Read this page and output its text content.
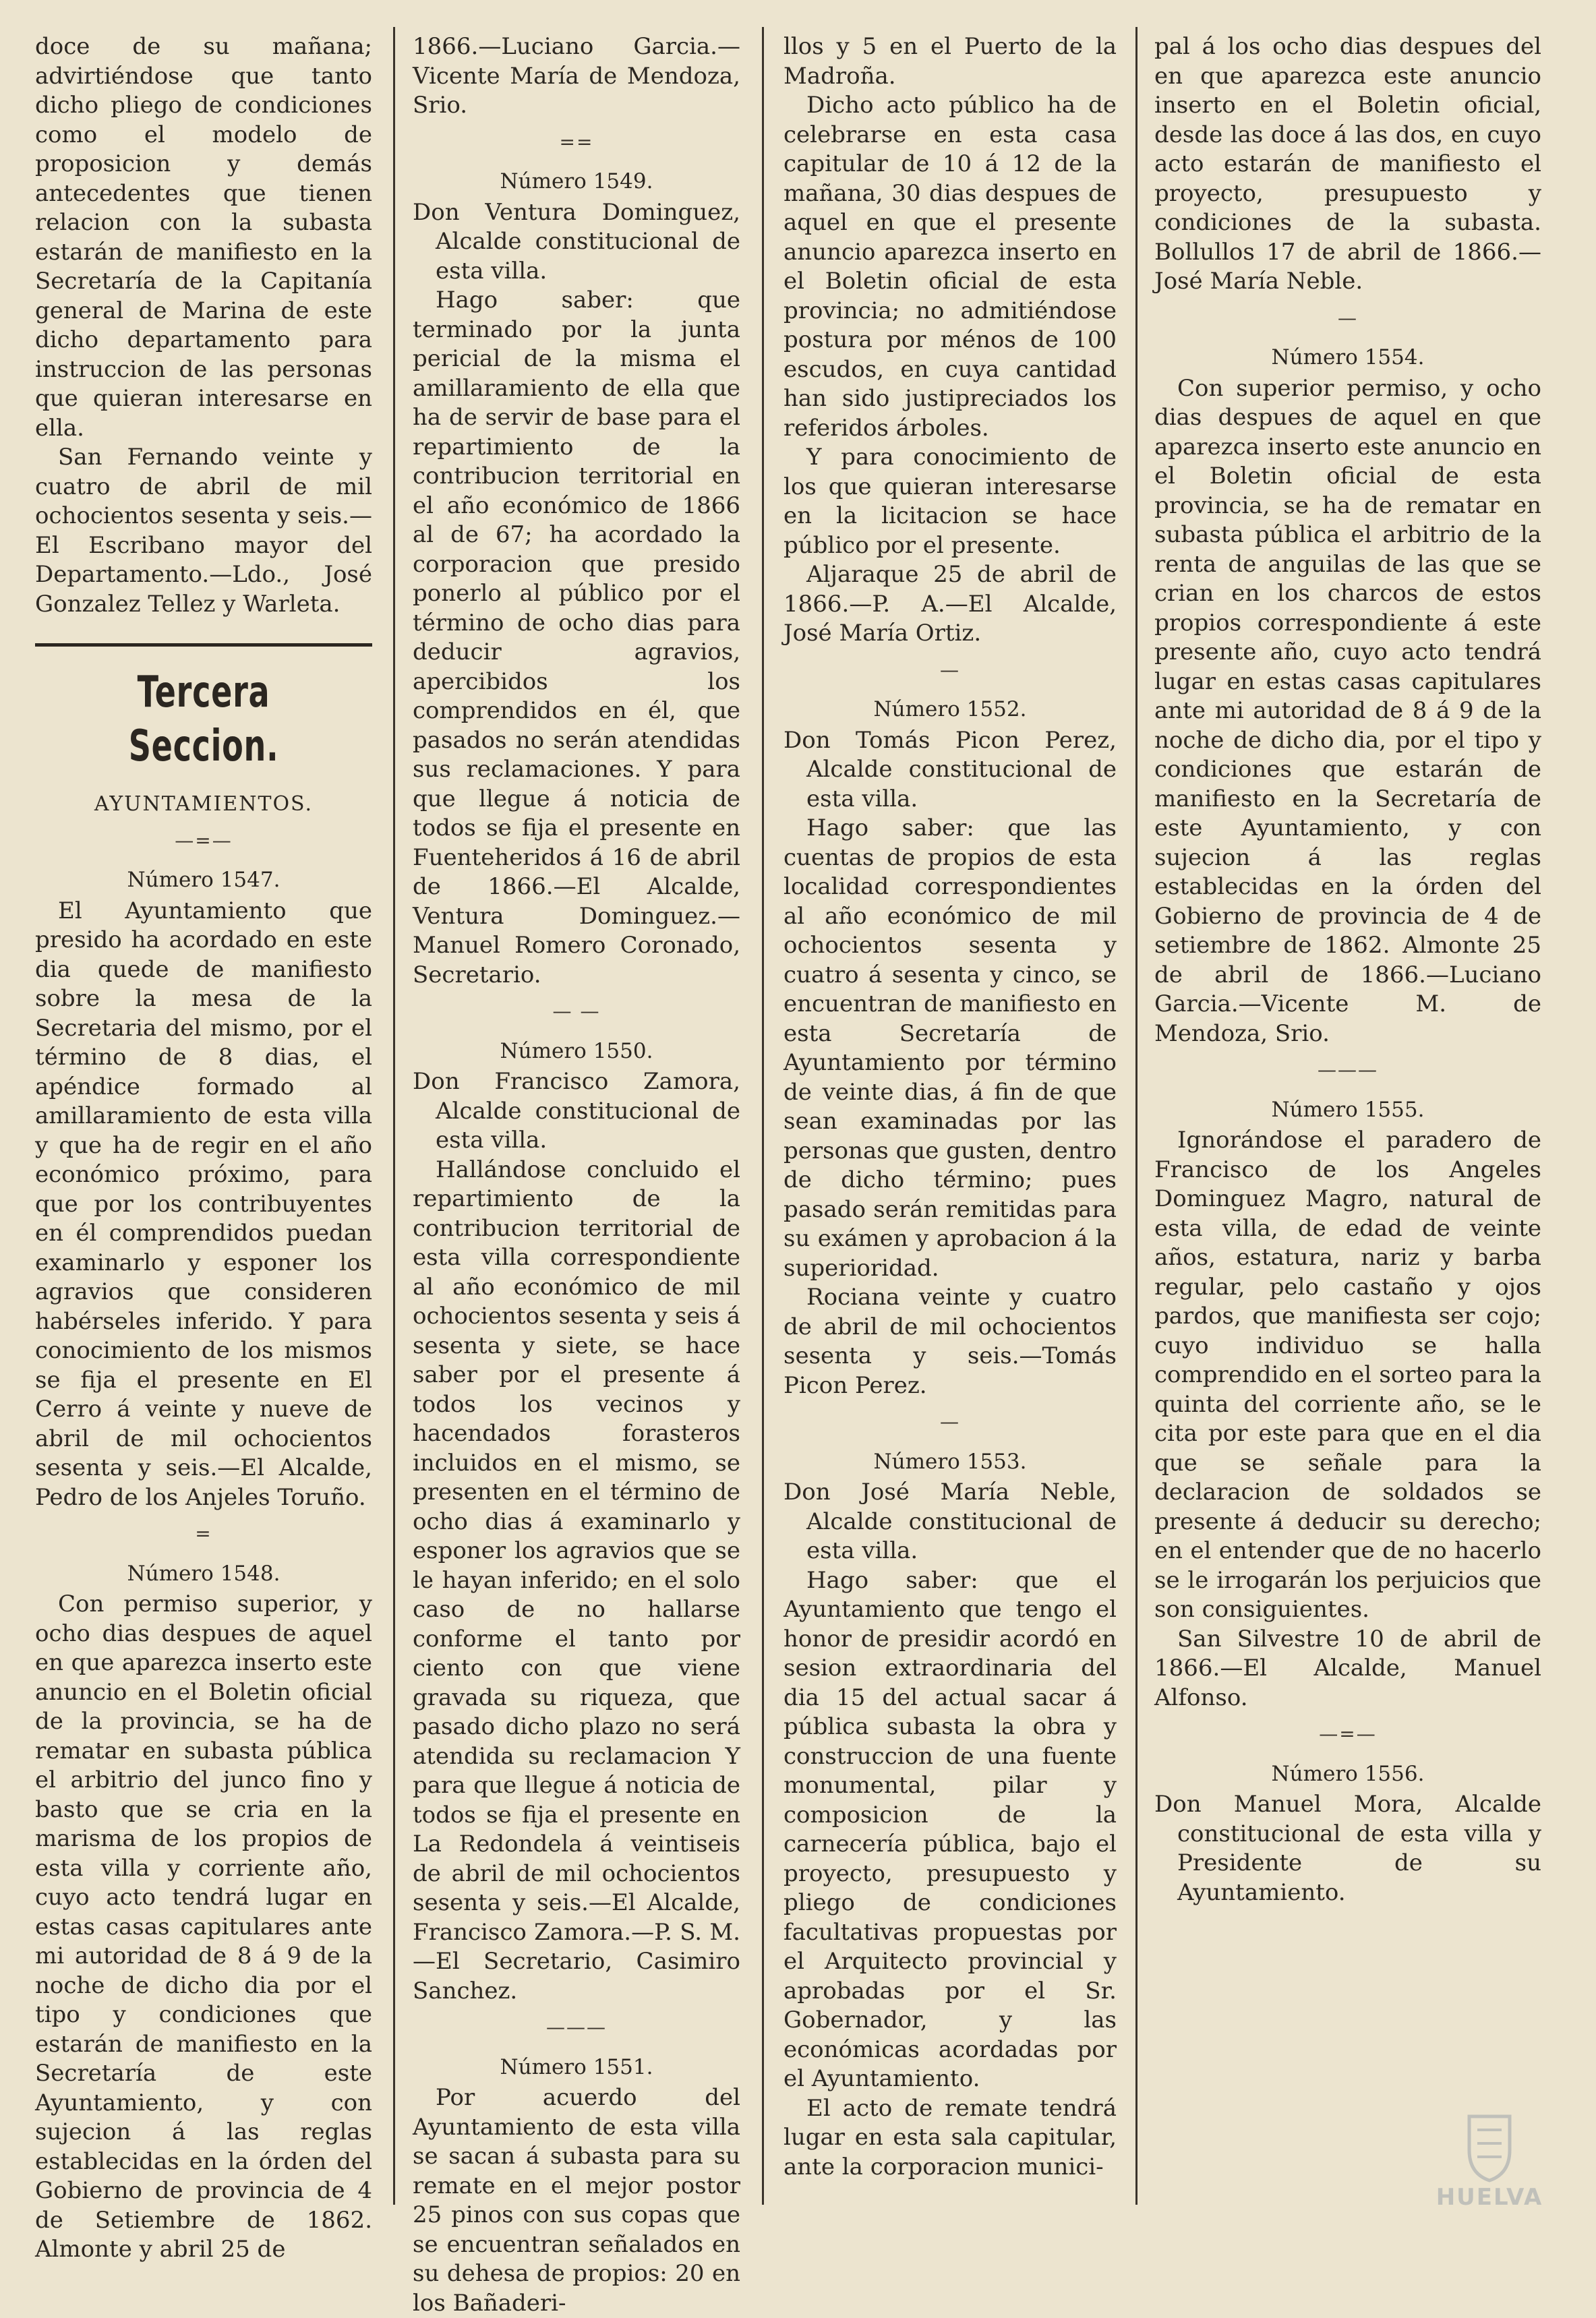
doce de su mañana; advirtiéndose que tanto dicho pliego de condiciones como el modelo de proposicion y demás antecedentes que tienen relacion con la subasta estarán de manifiesto en la Secretaría de la Capitanía general de Marina de este dicho departamento para instruccion de las personas que quieran interesarse en ella.

San Fernando veinte y cuatro de abril de mil ochocientos sesenta y seis.—El Escribano mayor del Departamento.—Ldo., José Gonzalez Tellez y Warleta.

Tercera Seccion.
AYUNTAMIENTOS.
—=—
Número 1547.

El Ayuntamiento que presido ha acordado en este dia quede de manifiesto sobre la mesa de la Secretaria del mismo, por el término de 8 dias, el apéndice formado al amillaramiento de esta villa y que ha de regir en el año económico próximo, para que por los contribuyentes en él comprendidos puedan examinarlo y esponer los agravios que consideren habérseles inferido. Y para conocimiento de los mismos se fija el presente en El Cerro á veinte y nueve de abril de mil ochocientos sesenta y seis.—El Alcalde, Pedro de los Anjeles Toruño.

=
Número 1548.

Con permiso superior, y ocho dias despues de aquel en que aparezca inserto este anuncio en el Boletin oficial de la provincia, se ha de rematar en subasta pública el arbitrio del junco fino y basto que se cria en la marisma de los propios de esta villa y corriente año, cuyo acto tendrá lugar en estas casas capitulares ante mi autoridad de 8 á 9 de la noche de dicho dia por el tipo y condiciones que estarán de manifiesto en la Secretaría de este Ayuntamiento, y con sujecion á las reglas establecidas en la órden del Gobierno de provincia de 4 de Setiembre de 1862. Almonte y abril 25 de

1866.—Luciano Garcia.—Vicente María de Mendoza, Srio.

==
Número 1549.

Don Ventura Dominguez, Alcalde constitucional de esta villa.

Hago saber: que terminado por la junta pericial de la misma el amillaramiento de ella que ha de servir de base para el repartimiento de la contribucion territorial en el año económico de 1866 al de 67; ha acordado la corporacion que presido ponerlo al público por el término de ocho dias para deducir agravios, apercibidos los comprendidos en él, que pasados no serán atendidas sus reclamaciones. Y para que llegue á noticia de todos se fija el presente en Fuenteheridos á 16 de abril de 1866.—El Alcalde, Ventura Dominguez.—Manuel Romero Coronado, Secretario.

— —
Número 1550.

Don Francisco Zamora, Alcalde constitucional de esta villa.

Hallándose concluido el repartimiento de la contribucion territorial de esta villa correspondiente al año económico de mil ochocientos sesenta y seis á sesenta y siete, se hace saber por el presente á todos los vecinos y hacendados forasteros incluidos en el mismo, se presenten en el término de ocho dias á examinarlo y esponer los agravios que se le hayan inferido; en el solo caso de no hallarse conforme el tanto por ciento con que viene gravada su riqueza, que pasado dicho plazo no será atendida su reclamacion Y para que llegue á noticia de todos se fija el presente en La Redondela á veintiseis de abril de mil ochocientos sesenta y seis.—El Alcalde, Francisco Zamora.—P. S. M.—El Secretario, Casimiro Sanchez.

———
Número 1551.

Por acuerdo del Ayuntamiento de esta villa se sacan á subasta para su remate en el mejor postor 25 pinos con sus copas que se encuentran señalados en su dehesa de propios: 20 en los Bañaderi-

llos y 5 en el Puerto de la Madroña.

Dicho acto público ha de celebrarse en esta casa capitular de 10 á 12 de la mañana, 30 dias despues de aquel en que el presente anuncio aparezca inserto en el Boletin oficial de esta provincia; no admitiéndose postura por ménos de 100 escudos, en cuya cantidad han sido justipreciados los referidos árboles.

Y para conocimiento de los que quieran interesarse en la licitacion se hace público por el presente.

Aljaraque 25 de abril de 1866.—P. A.—El Alcalde, José María Ortiz.

—
Número 1552.

Don Tomás Picon Perez, Alcalde constitucional de esta villa.

Hago saber: que las cuentas de propios de esta localidad correspondientes al año económico de mil ochocientos sesenta y cuatro á sesenta y cinco, se encuentran de manifiesto en esta Secretaría de Ayuntamiento por término de veinte dias, á fin de que sean examinadas por las personas que gusten, dentro de dicho término; pues pasado serán remitidas para su exámen y aprobacion á la superioridad.

Rociana veinte y cuatro de abril de mil ochocientos sesenta y seis.—Tomás Picon Perez.

—
Número 1553.

Don José María Neble, Alcalde constitucional de esta villa.

Hago saber: que el Ayuntamiento que tengo el honor de presidir acordó en sesion extraordinaria del dia 15 del actual sacar á pública subasta la obra y construccion de una fuente monumental, pilar y composicion de la carnecería pública, bajo el proyecto, presupuesto y pliego de condiciones facultativas propuestas por el Arquitecto provincial y aprobadas por el Sr. Gobernador, y las económicas acordadas por el Ayuntamiento.

El acto de remate tendrá lugar en esta sala capitular, ante la corporacion munici-

pal á los ocho dias despues del en que aparezca este anuncio inserto en el Boletin oficial, desde las doce á las dos, en cuyo acto estarán de manifiesto el proyecto, presupuesto y condiciones de la subasta. Bollullos 17 de abril de 1866.—José María Neble.

—
Número 1554.

Con superior permiso, y ocho dias despues de aquel en que aparezca inserto este anuncio en el Boletin oficial de esta provincia, se ha de rematar en subasta pública el arbitrio de la renta de anguilas de las que se crian en los charcos de estos propios correspondiente á este presente año, cuyo acto tendrá lugar en estas casas capitulares ante mi autoridad de 8 á 9 de la noche de dicho dia, por el tipo y condiciones que estarán de manifiesto en la Secretaría de este Ayuntamiento, y con sujecion á las reglas establecidas en la órden del Gobierno de provincia de 4 de setiembre de 1862. Almonte 25 de abril de 1866.—Luciano Garcia.—Vicente M. de Mendoza, Srio.

———
Número 1555.

Ignorándose el paradero de Francisco de los Angeles Dominguez Magro, natural de esta villa, de edad de veinte años, estatura, nariz y barba regular, pelo castaño y ojos pardos, que manifiesta ser cojo; cuyo individuo se halla comprendido en el sorteo para la quinta del corriente año, se le cita por este para que en el dia que se señale para la declaracion de soldados se presente á deducir su derecho; en el entender que de no hacerlo se le irrogarán los perjuicios que son consiguientes.

San Silvestre 10 de abril de 1866.—El Alcalde, Manuel Alfonso.

—=—
Número 1556.

Don Manuel Mora, Alcalde constitucional de esta villa y Presidente de su Ayuntamiento.

HUELVA
